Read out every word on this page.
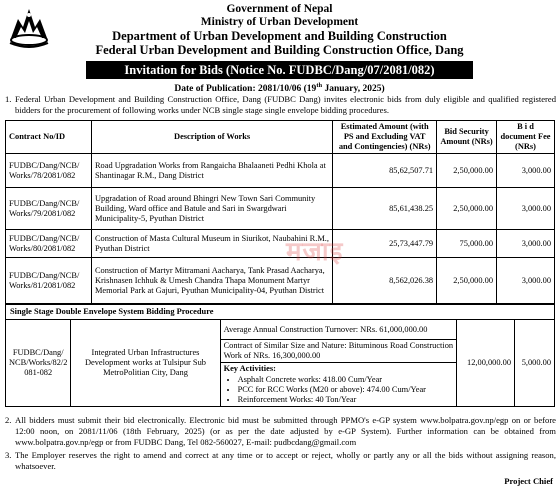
Government of Nepal
Ministry of Urban Development
Department of Urban Development and Building Construction
Federal Urban Development and Building Construction Office, Dang
Invitation for Bids (Notice No. FUDBC/Dang/07/2081/082)
Date of Publication: 2081/10/06 (19th January, 2025)
1. Federal Urban Development and Building Construction Office, Dang (FUDBC Dang) invites electronic bids from duly eligible and qualified registered bidders for the procurement of following works under NCB single stage single envelope bidding procedures.
Contract No/ID	Description of Works	Estimated Amount (with PS and Excluding VAT and Contingencies) (NRs)	Bid Security Amount (NRs)	B i d document Fee (NRs)
FUDBC/Dang/NCB/ Works/78/2081/082	Road Upgradation Works from Rangaicha Bhalaaneti Pedhi Khola at Shantinagar R.M., Dang District	85,62,507.71	2,50,000.00	3,000.00
FUDBC/Dang/NCB/ Works/79/2081/082	Upgradation of Road around Bhingri New Town Sari Community Building, Ward office and Batule and Sari in Swargdwari Municipality-5, Pyuthan District	85,61,438.25	2,50,000.00	3,000.00
FUDBC/Dang/NCB/ Works/80/2081/082	Construction of Masta Cultural Museum in Siurikot, Naubahini R.M., Pyuthan District	25,73,447.79	75,000.00	3,000.00
FUDBC/Dang/NCB/ Works/81/2081/082	Construction of Martyr Mitramani Aacharya, Tank Prasad Aacharya, Krishnasen Ichhuk & Umesh Chandra Thapa Monument Martyr Memorial Park at Gajuri, Pyuthan Municipality-04, Pyuthan District	8,562,026.38	2,50,000.00	3,000.00
मजाइ
Single Stage Double Envelope System Bidding Procedure
FUDBC/Dang/ NCB/Works/82/2 081-082	Integrated Urban Infrastructures Development works at Tulsipur Sub MetroPolitian City, Dang	Average Annual Construction Turnover: NRs. 61,000,000.00	12,00,000.00	5,000.00
Contract of Similar Size and Nature: Bituminous Road Construction Work of NRs. 16,300,000.00

Key Activities:
• Asphalt Concrete works: 418.00 Cum/Year
• PCC for RCC Works (M20 or above): 474.00 Cum/Year
• Reinforcement Works: 40 Ton/Year
2. All bidders must submit their bid electronically. Electronic bid must be submitted through PPMO's e-GP system www.bolpatra.gov.np/egp on or before 12:00 noon, on 2081/11/06 (18th February, 2025) (or as per the date adjusted by e-GP System). Further information can be obtained from www.bolpatra.gov.np/egp or from FUDBC Dang, Tel 082-560027, E-mail: pudbcdang@gmail.com
3. The Employer reserves the right to amend and correct at any time or to accept or reject, wholly or partly any or all the bids without assigning reason, whatsoever.
Project Chief
